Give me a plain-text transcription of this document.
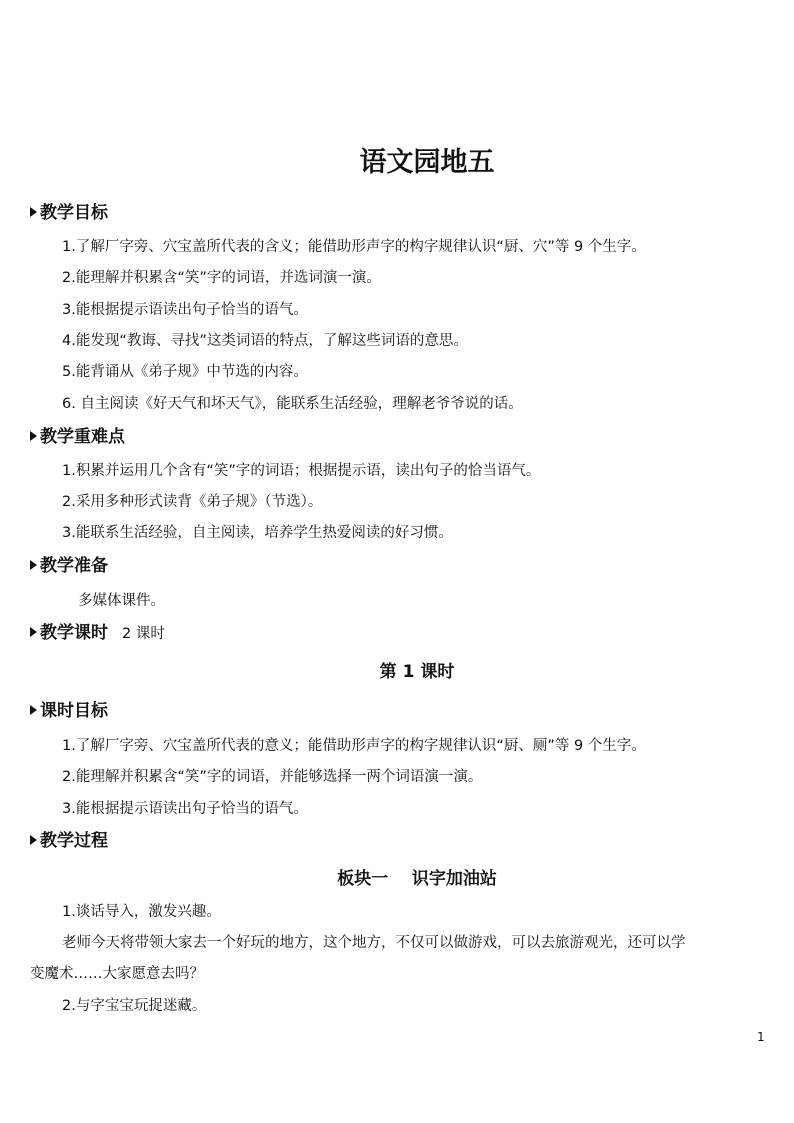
语文园地五
教学目标
1.了解厂字旁、穴宝盖所代表的含义；能借助形声字的构字规律认识“厨、穴”等 9 个生字。
2.能理解并积累含“笑”字的词语，并选词演一演。
3.能根据提示语读出句子恰当的语气。
4.能发现“教诲、寻找”这类词语的特点，了解这些词语的意思。
5.能背诵从《弟子规》中节选的内容。
6. 自主阅读《好天气和坏天气》，能联系生活经验，理解老爷爷说的话。
教学重难点
1.积累并运用几个含有“笑”字的词语；根据提示语，读出句子的恰当语气。
2.采用多种形式读背《弟子规》（节选）。
3.能联系生活经验，自主阅读，培养学生热爱阅读的好习惯。
教学准备
多媒体课件。
教学课时 2 课时
第 1 课时
课时目标
1.了解厂字旁、穴宝盖所代表的意义；能借助形声字的构字规律认识“厨、厕”等 9 个生字。
2.能理解并积累含“笑”字的词语，并能够选择一两个词语演一演。
3.能根据提示语读出句子恰当的语气。
教学过程
板块一    识字加油站
1.谈话导入，激发兴趣。
老师今天将带领大家去一个好玩的地方，这个地方，不仅可以做游戏，可以去旅游观光，还可以学
变魔术……大家愿意去吗？
2.与字宝宝玩捉迷藏。
1
